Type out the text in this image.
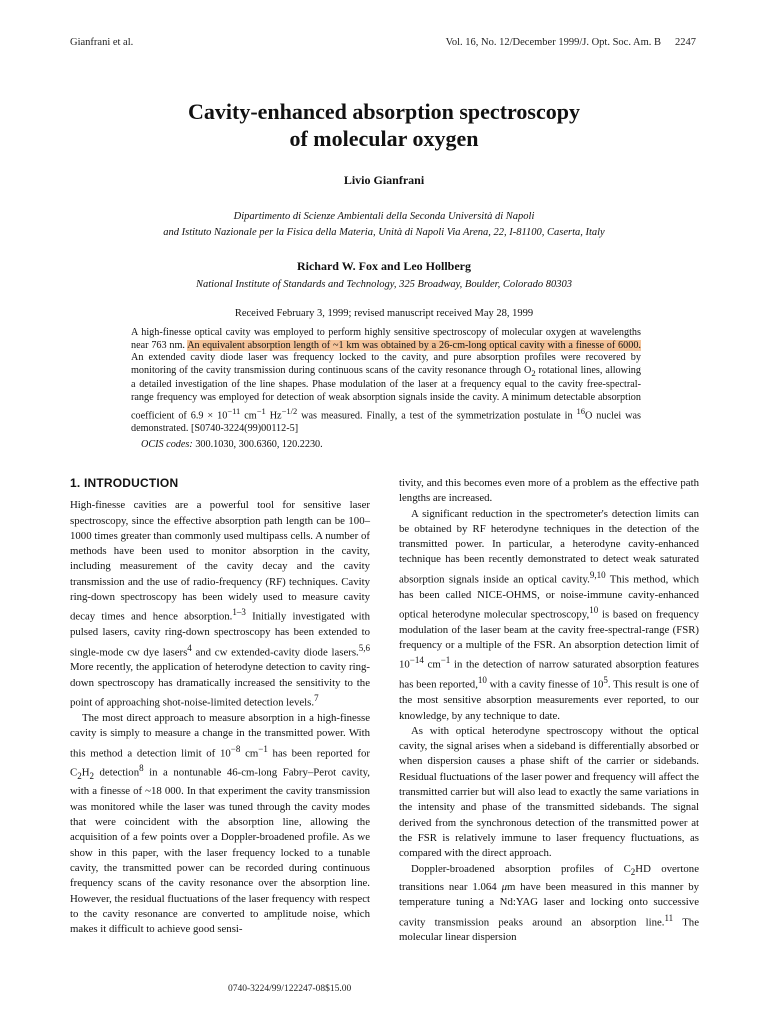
Gianfrani et al.	Vol. 16, No. 12/December 1999/J. Opt. Soc. Am. B 2247
Cavity-enhanced absorption spectroscopy
of molecular oxygen
Livio Gianfrani
Dipartimento di Scienze Ambientali della Seconda Università di Napoli
and Istituto Nazionale per la Fisica della Materia, Unità di Napoli Via Arena, 22, I-81100, Caserta, Italy
Richard W. Fox and Leo Hollberg
National Institute of Standards and Technology, 325 Broadway, Boulder, Colorado 80303
Received February 3, 1999; revised manuscript received May 28, 1999

A high-finesse optical cavity was employed to perform highly sensitive spectroscopy of molecular oxygen at wavelengths near 763 nm. An equivalent absorption length of ~1 km was obtained by a 26-cm-long optical cavity with a finesse of 6000. An extended cavity diode laser was frequency locked to the cavity, and pure absorption profiles were recovered by monitoring of the cavity transmission during continuous scans of the cavity resonance through $O_2$ rotational lines, allowing a detailed investigation of the line shapes. Phase modulation of the laser at a frequency equal to the cavity free-spectral-range frequency was employed for detection of weak absorption signals inside the cavity. A minimum detectable absorption coefficient of $6.9 \times 10^{-11}$ $cm^{-1}$ $Hz^{-1/2}$ was measured. Finally, a test of the symmetrization postulate in $^{16}$O nuclei was demonstrated. [S0740-3224(99)00112-5]

OCIS codes: 300.1030, 300.6360, 120.2230.
1. INTRODUCTION

High-finesse cavities are a powerful tool for sensitive laser spectroscopy, since the effective absorption path length can be 100–1000 times greater than commonly used multipass cells. A number of methods have been used to monitor absorption in the cavity, including measurement of the cavity decay and the cavity transmission and the use of radio-frequency (RF) techniques. Cavity ring-down spectroscopy has been widely used to measure cavity decay times and hence absorption.$^{1-3}$ Initially investigated with pulsed lasers, cavity ring-down spectroscopy has been extended to single-mode cw dye lasers$^4$ and cw extended-cavity diode lasers.$^{5,6}$ More recently, the application of heterodyne detection to cavity ring-down spectroscopy has dramatically increased the sensitivity to the point of approaching shot-noise-limited detection levels.$^7$

The most direct approach to measure absorption in a high-finesse cavity is simply to measure a change in the transmitted power. With this method a detection limit of $10^{-8}$ $cm^{-1}$ has been reported for $C_2H_2$ detection$^8$ in a nontunable 46-cm-long Fabry–Perot cavity, with a finesse of ~18 000. In that experiment the cavity transmission was monitored while the laser was tuned through the cavity modes that were coincident with the absorption line, allowing the acquisition of a few points over a Doppler-broadened profile. As we show in this paper, with the laser frequency locked to a tunable cavity, the transmitted power can be recorded during continuous frequency scans of the cavity resonance over the absorption line. However, the residual fluctuations of the laser frequency with respect to the cavity resonance are converted to amplitude noise, which makes it difficult to achieve good sensi-

tivity, and this becomes even more of a problem as the effective path lengths are increased.

A significant reduction in the spectrometer's detection limits can be obtained by RF heterodyne techniques in the detection of the transmitted power. In particular, a heterodyne cavity-enhanced technique has been recently demonstrated to detect weak saturated absorption signals inside an optical cavity.$^{9,10}$ This method, which has been called NICE-OHMS, or noise-immune cavity-enhanced optical heterodyne molecular spectroscopy,$^{10}$ is based on frequency modulation of the laser beam at the cavity free-spectral-range (FSR) frequency or a multiple of the FSR. An absorption detection limit of $10^{-14}$ $cm^{-1}$ in the detection of narrow saturated absorption features has been reported,$^{10}$ with a cavity finesse of $10^5$. This result is one of the most sensitive absorption measurements ever reported, to our knowledge, by any technique to date.

As with optical heterodyne spectroscopy without the optical cavity, the signal arises when a sideband is differentially absorbed or when dispersion causes a phase shift of the carrier or sidebands. Residual fluctuations of the laser power and frequency will affect the transmitted carrier but will also lead to exactly the same variations in the intensity and phase of the transmitted sidebands. The signal derived from the synchronous detection of the transmitted power at the FSR is relatively immune to laser frequency fluctuations, as compared with the direct approach.

Doppler-broadened absorption profiles of $C_2HD$ overtone transitions near 1.064 μm have been measured in this manner by temperature tuning a Nd:YAG laser and locking onto successive cavity transmission peaks around an absorption line.$^{11}$ The molecular linear dispersion

0740-3224/99/122247-08$15.00
